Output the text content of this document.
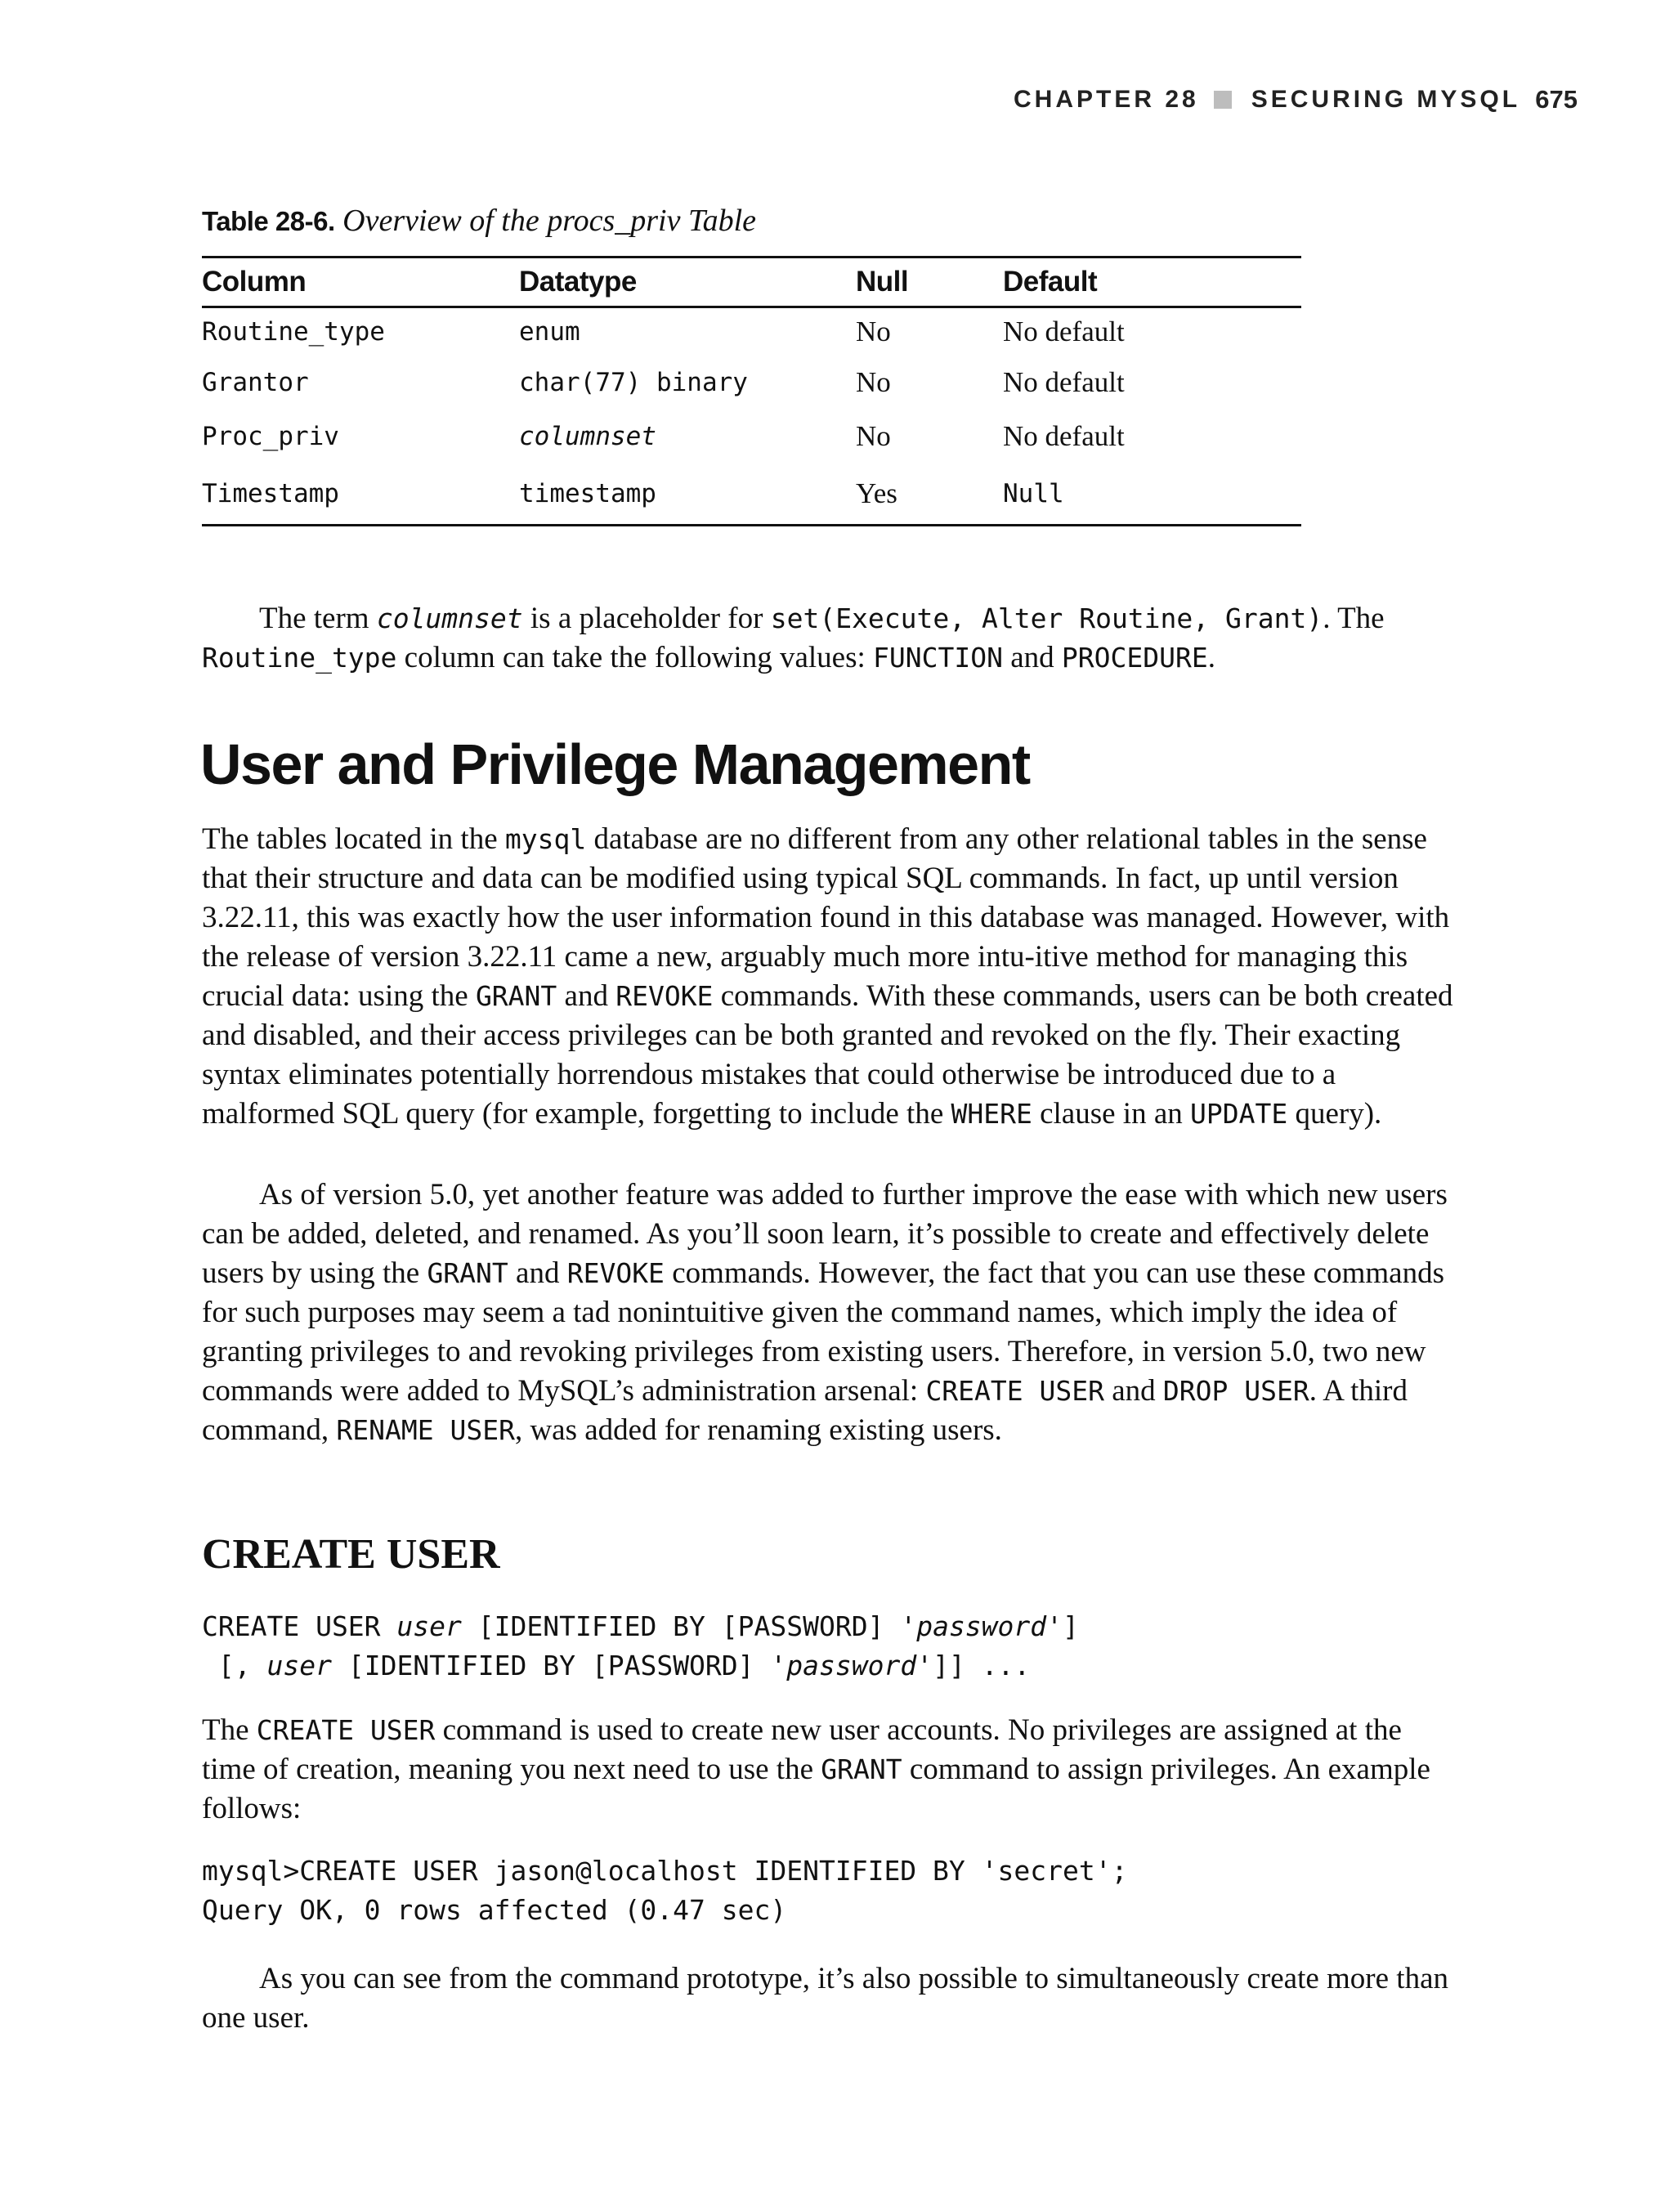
CHAPTER 28 SECURING MYSQL 675
Table 28-6. Overview of the procs_priv Table
Column	Datatype	Null	Default
Routine_type	enum	No	No default
Grantor	char(77) binary	No	No default
Proc_priv	columnset	No	No default
Timestamp	timestamp	Yes	Null

The term columnset is a placeholder for set(Execute, Alter Routine, Grant). The Routine_type column can take the following values: FUNCTION and PROCEDURE.

User and Privilege Management

The tables located in the mysql database are no different from any other relational tables in the sense that their structure and data can be modified using typical SQL commands. In fact, up until version 3.22.11, this was exactly how the user information found in this database was managed. However, with the release of version 3.22.11 came a new, arguably much more intu-itive method for managing this crucial data: using the GRANT and REVOKE commands. With these commands, users can be both created and disabled, and their access privileges can be both granted and revoked on the fly. Their exacting syntax eliminates potentially horrendous mistakes that could otherwise be introduced due to a malformed SQL query (for example, forgetting to include the WHERE clause in an UPDATE query).

As of version 5.0, yet another feature was added to further improve the ease with which new users can be added, deleted, and renamed. As you’ll soon learn, it’s possible to create and effectively delete users by using the GRANT and REVOKE commands. However, the fact that you can use these commands for such purposes may seem a tad nonintuitive given the command names, which imply the idea of granting privileges to and revoking privileges from existing users. Therefore, in version 5.0, two new commands were added to MySQL’s administration arsenal: CREATE USER and DROP USER. A third command, RENAME USER, was added for renaming existing users.

CREATE USER
CREATE USER user [IDENTIFIED BY [PASSWORD] 'password']
[, user [IDENTIFIED BY [PASSWORD] 'password']] ...

The CREATE USER command is used to create new user accounts. No privileges are assigned at the time of creation, meaning you next need to use the GRANT command to assign privileges. An example follows:

mysql>CREATE USER jason@localhost IDENTIFIED BY 'secret';
Query OK, 0 rows affected (0.47 sec)

As you can see from the command prototype, it’s also possible to simultaneously create more than one user.
